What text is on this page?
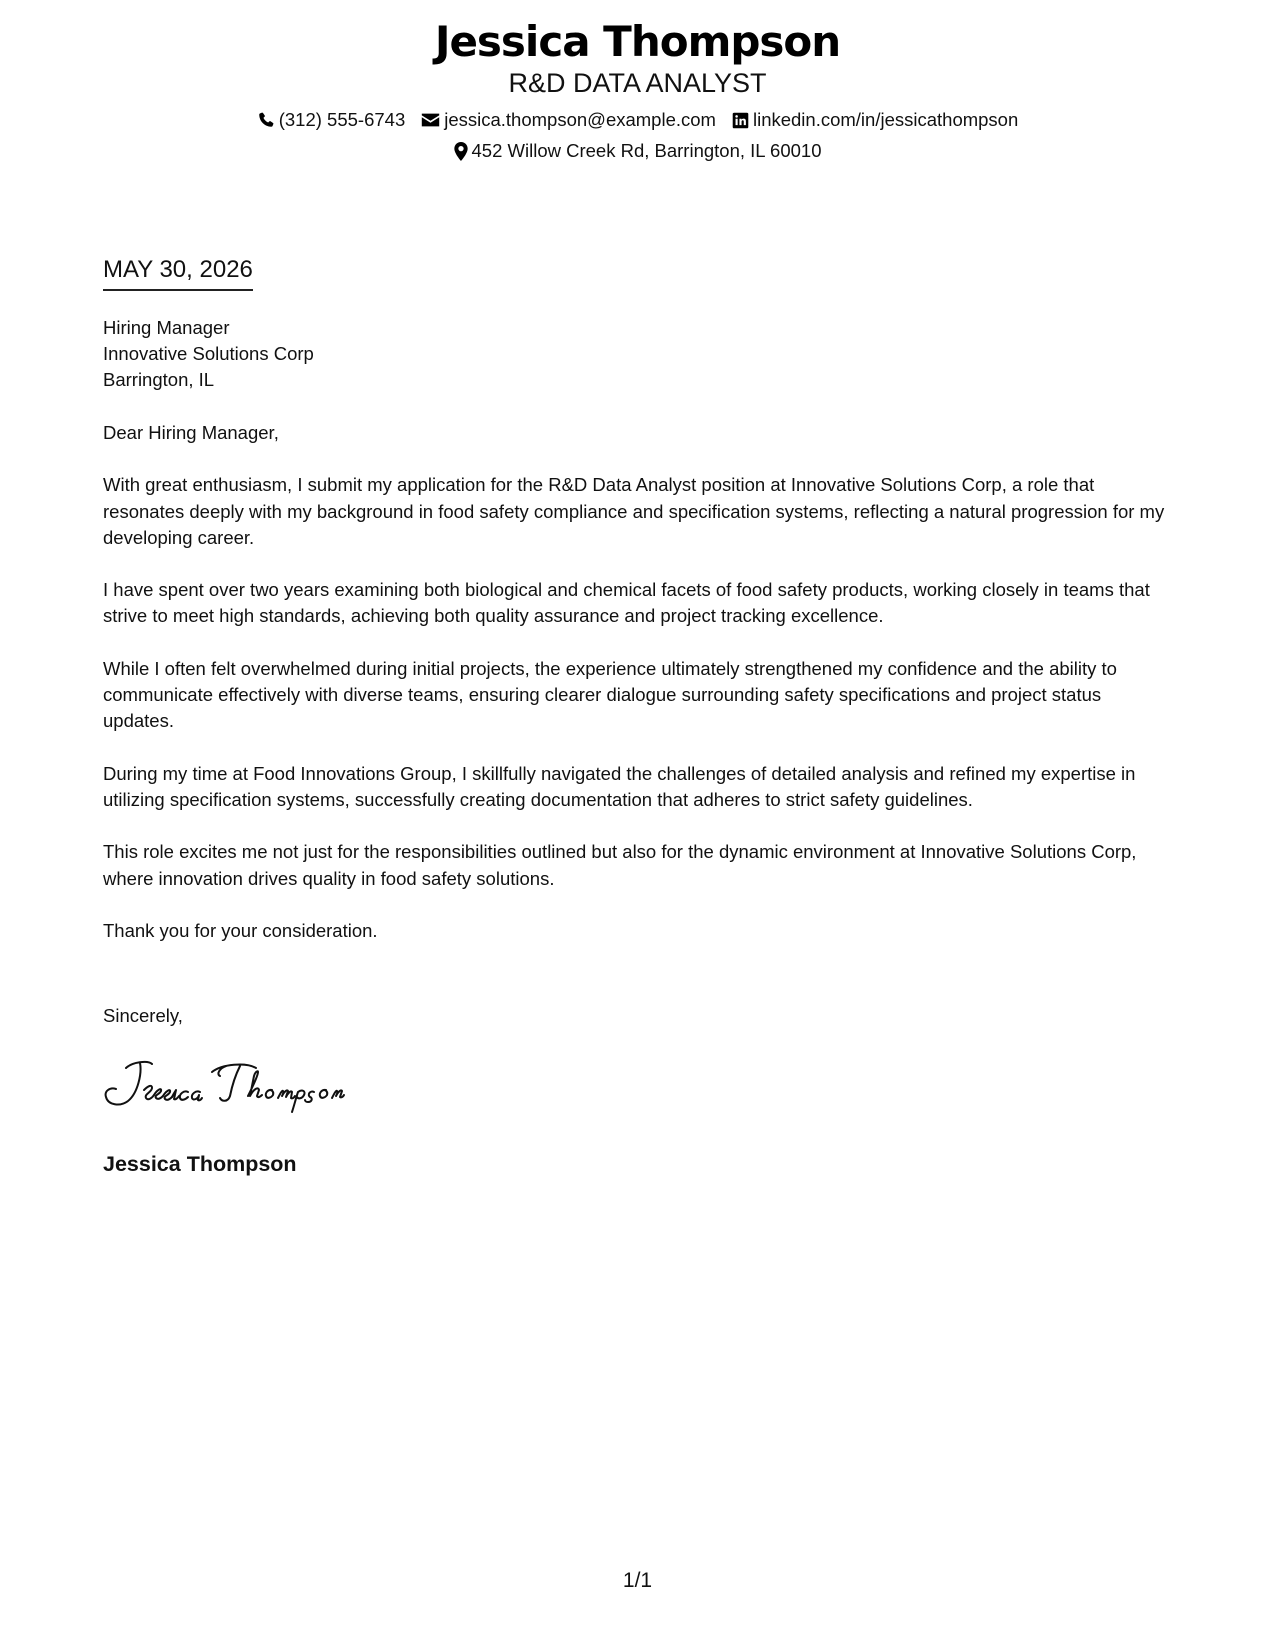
Jessica Thompson
R&D DATA ANALYST
(312) 555-6743 jessica.thompson@example.com linkedin.com/in/jessicathompson
452 Willow Creek Rd, Barrington, IL 60010
MAY 30, 2026
Hiring Manager
Innovative Solutions Corp
Barrington, IL

Dear Hiring Manager,

With great enthusiasm, I submit my application for the R&D Data Analyst position at Innovative Solutions Corp, a role that resonates deeply with my background in food safety compliance and specification systems, reflecting a natural progression for my developing career.

I have spent over two years examining both biological and chemical facets of food safety products, working closely in teams that strive to meet high standards, achieving both quality assurance and project tracking excellence.

While I often felt overwhelmed during initial projects, the experience ultimately strengthened my confidence and the ability to communicate effectively with diverse teams, ensuring clearer dialogue surrounding safety specifications and project status updates.

During my time at Food Innovations Group, I skillfully navigated the challenges of detailed analysis and refined my expertise in utilizing specification systems, successfully creating documentation that adheres to strict safety guidelines.

This role excites me not just for the responsibilities outlined but also for the dynamic environment at Innovative Solutions Corp, where innovation drives quality in food safety solutions.

Thank you for your consideration.

Sincerely,
Jessica Thompson
1/1
